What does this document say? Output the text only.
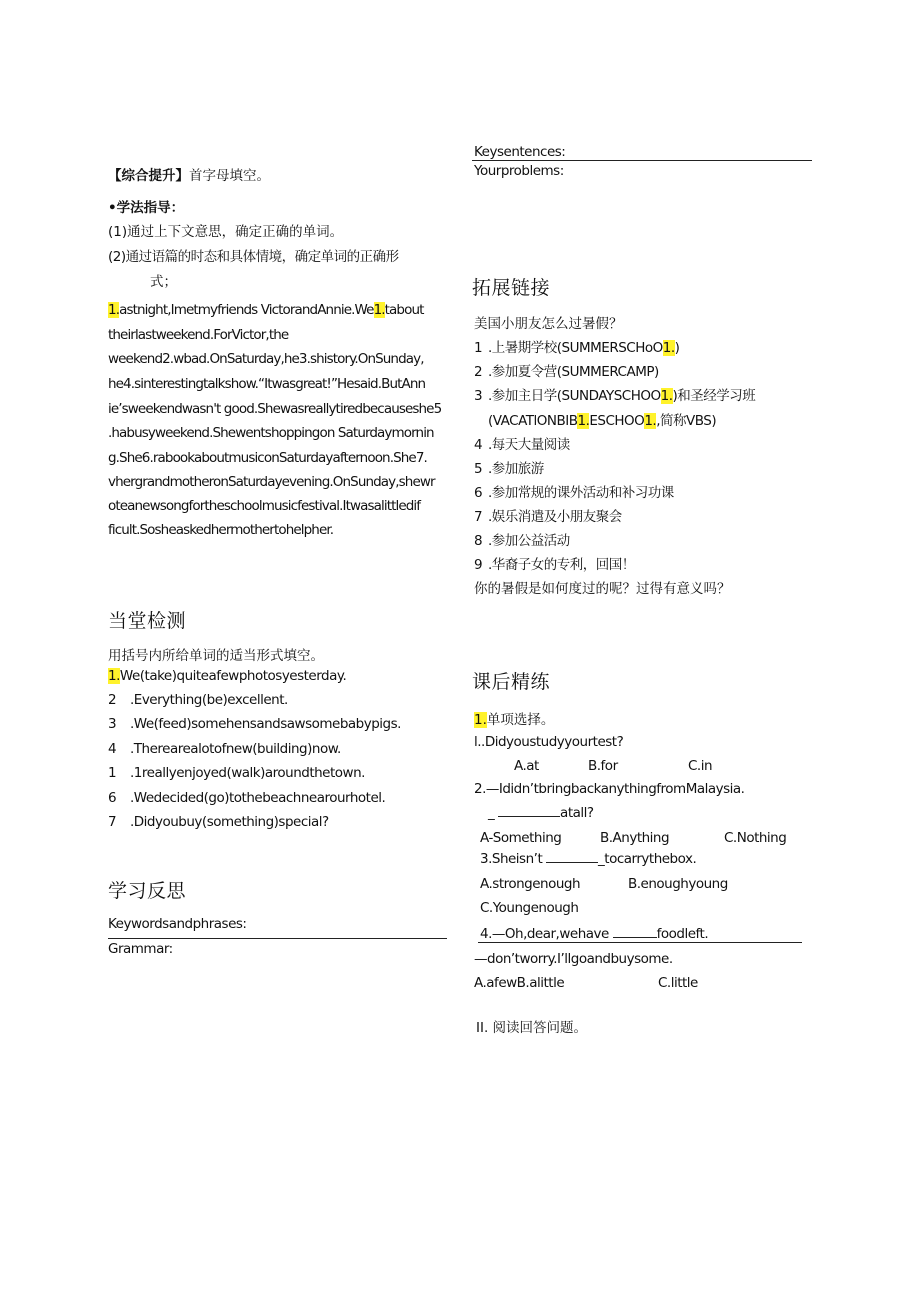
【综合提升】首字母填空。
•学法指导：
(1)通过上下文意思，确定正确的单词。
(2)通过语篇的时态和具体情境，确定单词的正确形
式；
1.astnight,Imetmyfriends VictorandAnnie.We1.tabout
theirlastweekend.ForVictor,the
weekend2.wbad.OnSaturday,he3.shistory.OnSunday,
he4.sinterestingtalkshow.“Itwasgreat!”Hesaid.ButAnn
ie’sweekendwasn't good.Shewasreallytiredbecauseshe5
.habusyweekend.Shewentshoppingon Saturdaymornin
g.She6.rabookaboutmusiconSaturdayafternoon.She7.
vhergrandmotheronSaturdayevening.OnSunday,shewr
oteanewsongfortheschoolmusicfestival.Itwasalittledif
ficult.Sosheaskedhermothertohelpher.
当堂检测
用括号内所给单词的适当形式填空。
1.We(take)quiteafewphotosyesterday.
2 .Everything(be)excellent.
3 .We(feed)somehensandsawsomebabypigs.
4 .Therearealotofnew(building)now.
1 .1reallyenjoyed(walk)aroundthetown.
6 .Wedecided(go)tothebeachnearourhotel.
7 .Didyoubuy(something)special?
学习反思
Keywordsandphrases:
Grammar:
Keysentences:
Yourproblems:
拓展链接
美国小朋友怎么过暑假？
1 .上暑期学校(SUMMERSCHoO1.)
2 .参加夏令营(SUMMERCAMP)
3 .参加主日学(SUNDAYSCHOO1.)和圣经学习班
(VACATlONBIB1.ESCHOO1.,简称VBS)
4 .每天大量阅读
5 .参加旅游
6 .参加常规的课外活动和补习功课
7 .娱乐消遣及小朋友聚会
8 .参加公益活动
9 .华裔子女的专利，回国！
你的暑假是如何度过的呢？过得有意义吗？
课后精练
1.单项选择。
l..Didyoustudyyourtest?
A.at	B.for	C.in
2.—Ididn’tbringbackanythingfromMalaysia.
_	atall?
A-Something	B.Anything	C.Nothing
3.Sheisn’t	_tocarrythebox.
A.strongenough	B.enoughyoung
C.Youngenough
4.—Oh,dear,wehave	foodleft.
—don’tworry.I’llgoandbuysome.
A.afewB.alittle	C.little
II. 阅读回答问题。
